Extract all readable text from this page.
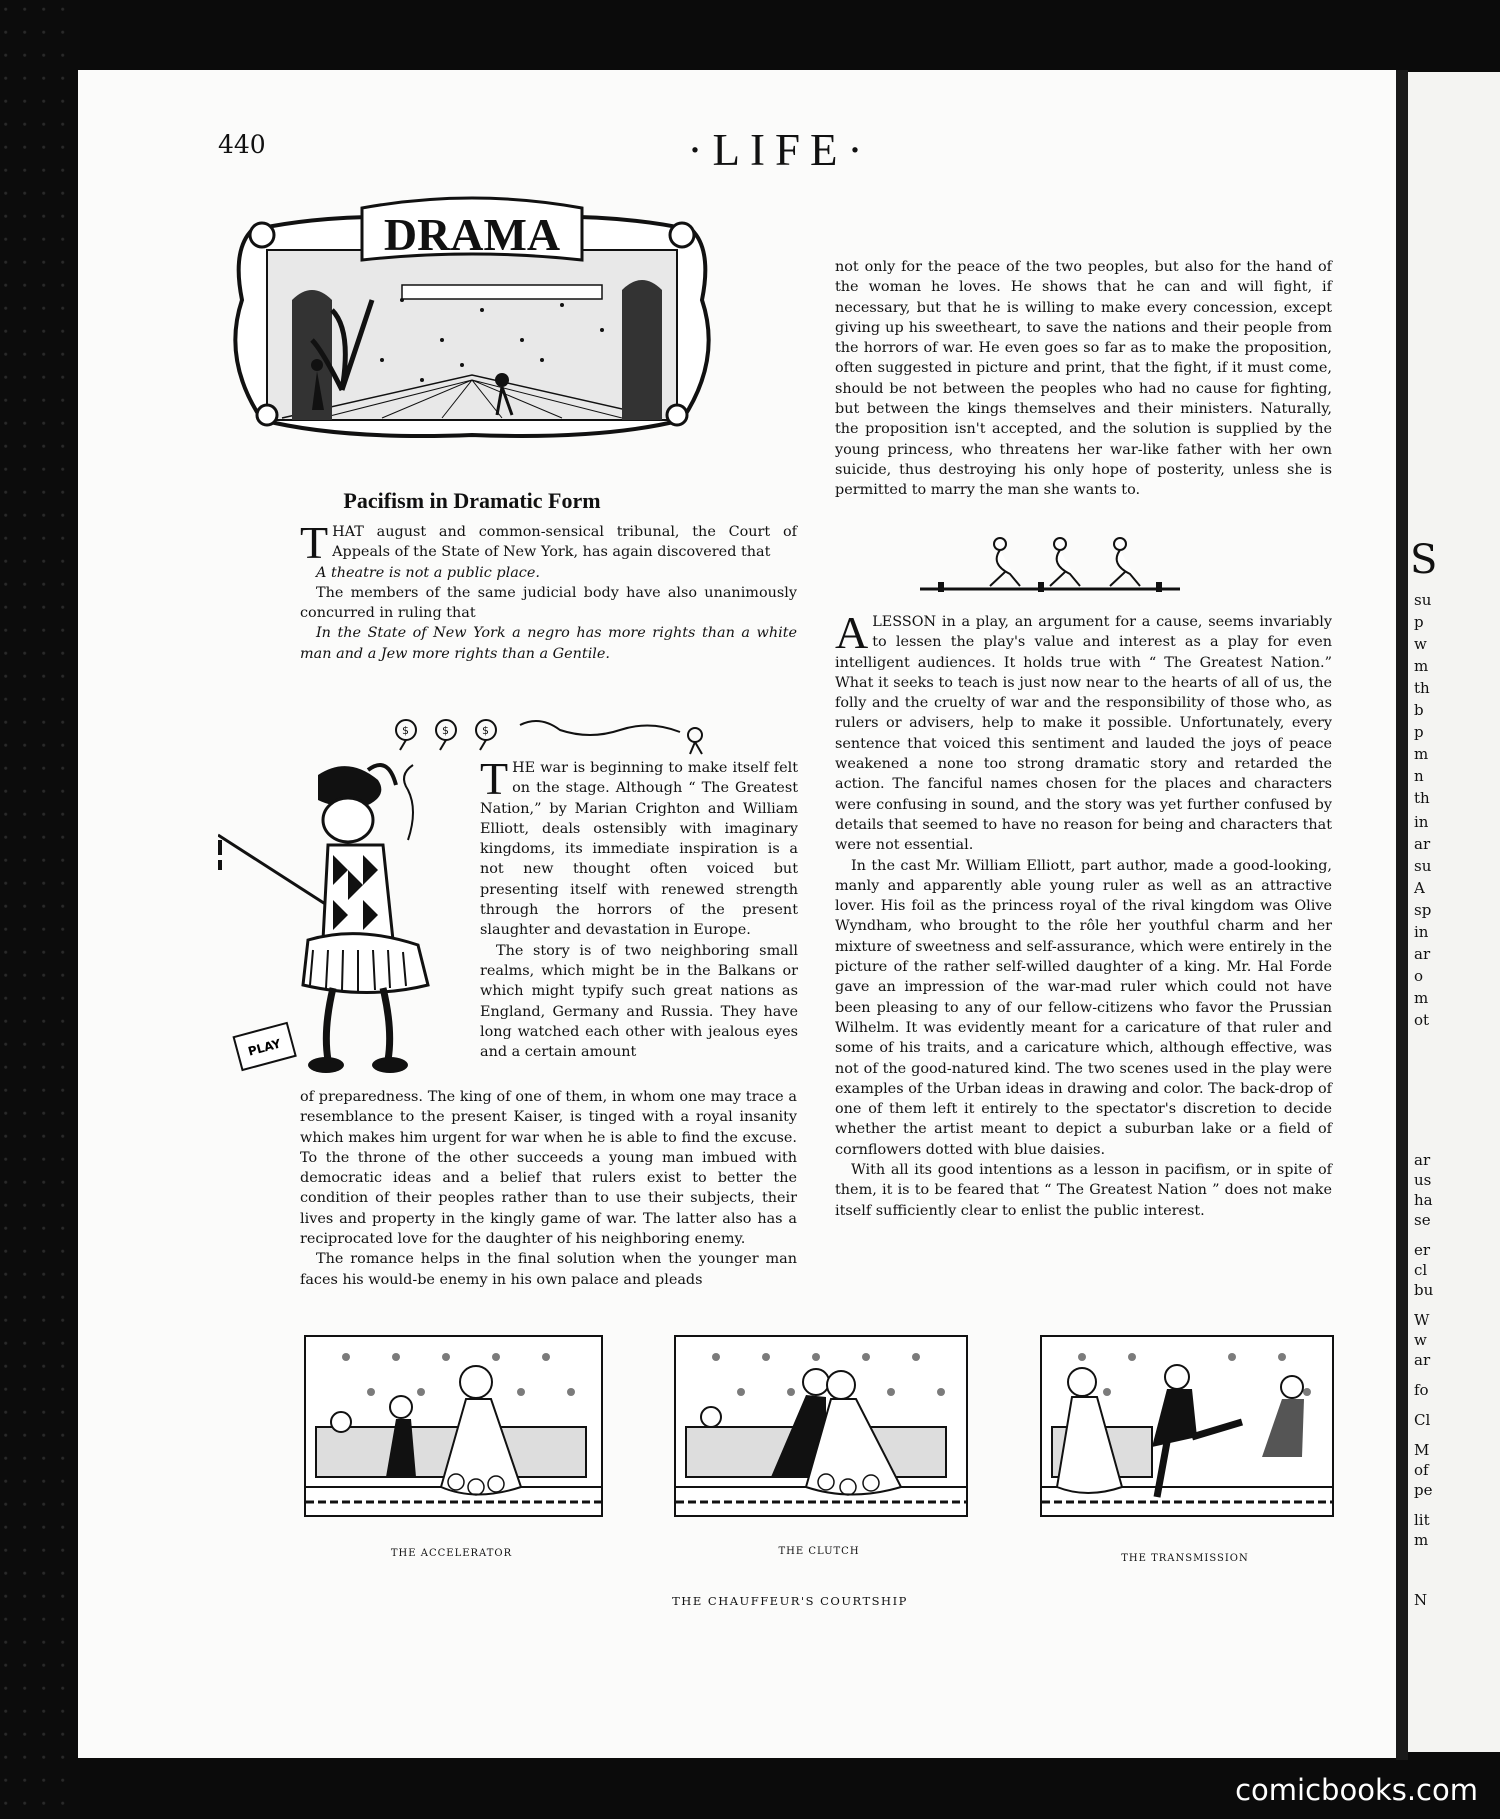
S
su
p
w
m
th
b
p
m
n
th
in
ar
su
A
sp
in
ar
o
m
ot
ar
us
ha
se
er
cl
bu
W
w
ar
fo
Cl
M
of
pe
lit
m
N
440	·LIFE·
DRAMA
Pacifism in Dramatic Form

THAT august and common-sensical tribunal, the Court of Appeals of the State of New York, has again discovered that

A theatre is not a public place.

The members of the same judicial body have also unanimously concurred in ruling that

In the State of New York a negro has more rights than a white man and a Jew more rights than a Gentile.

$	$	$
PLAY

THE war is beginning to make itself felt on the stage. Although “ The Greatest Nation,” by Marian Crighton and William Elliott, deals ostensibly with imaginary kingdoms, its immediate inspiration is a not new thought often voiced but presenting itself with renewed strength through the horrors of the present slaughter and devastation in Europe.

The story is of two neighboring small realms, which might be in the Balkans or which might typify such great nations as England, Germany and Russia. They have long watched each other with jealous eyes and a certain amount

of preparedness. The king of one of them, in whom one may trace a resemblance to the present Kaiser, is tinged with a royal insanity which makes him urgent for war when he is able to find the excuse. To the throne of the other succeeds a young man imbued with democratic ideas and a belief that rulers exist to better the condition of their peoples rather than to use their subjects, their lives and property in the kingly game of war. The latter also has a reciprocated love for the daughter of his neighboring enemy.

The romance helps in the final solution when the younger man faces his would-be enemy in his own palace and pleads

not only for the peace of the two peoples, but also for the hand of the woman he loves. He shows that he can and will fight, if necessary, but that he is willing to make every concession, except giving up his sweetheart, to save the nations and their people from the horrors of war. He even goes so far as to make the proposition, often suggested in picture and print, that the fight, if it must come, should be not between the peoples who had no cause for fighting, but between the kings themselves and their ministers. Naturally, the proposition isn't accepted, and the solution is supplied by the young princess, who threatens her war-like father with her own suicide, thus destroying his only hope of posterity, unless she is permitted to marry the man she wants to.

ALESSON in a play, an argument for a cause, seems invariably to lessen the play's value and interest as a play for even intelligent audiences. It holds true with “ The Greatest Nation.” What it seeks to teach is just now near to the hearts of all of us, the folly and the cruelty of war and the responsibility of those who, as rulers or advisers, help to make it possible. Unfortunately, every sentence that voiced this sentiment and lauded the joys of peace weakened a none too strong dramatic story and retarded the action. The fanciful names chosen for the places and characters were confusing in sound, and the story was yet further confused by details that seemed to have no reason for being and characters that were not essential.

In the cast Mr. William Elliott, part author, made a good-looking, manly and apparently able young ruler as well as an attractive lover. His foil as the princess royal of the rival kingdom was Olive Wyndham, who brought to the rôle her youthful charm and her mixture of sweetness and self-assurance, which were entirely in the picture of the rather self-willed daughter of a king. Mr. Hal Forde gave an impression of the war-mad ruler which could not have been pleasing to any of our fellow-citizens who favor the Prussian Wilhelm. It was evidently meant for a caricature of that ruler and some of his traits, and a caricature which, although effective, was not of the good-natured kind. The two scenes used in the play were examples of the Urban ideas in drawing and color. The back-drop of one of them left it entirely to the spectator's discretion to decide whether the artist meant to depict a suburban lake or a field of cornflowers dotted with blue daisies.

With all its good intentions as a lesson in pacifism, or in spite of them, it is to be feared that “ The Greatest Nation ” does not make itself sufficiently clear to enlist the public interest.

THE ACCELERATOR	THE CLUTCH
THE TRANSMISSION
THE CHAUFFEUR'S COURTSHIP
comicbooks.com
